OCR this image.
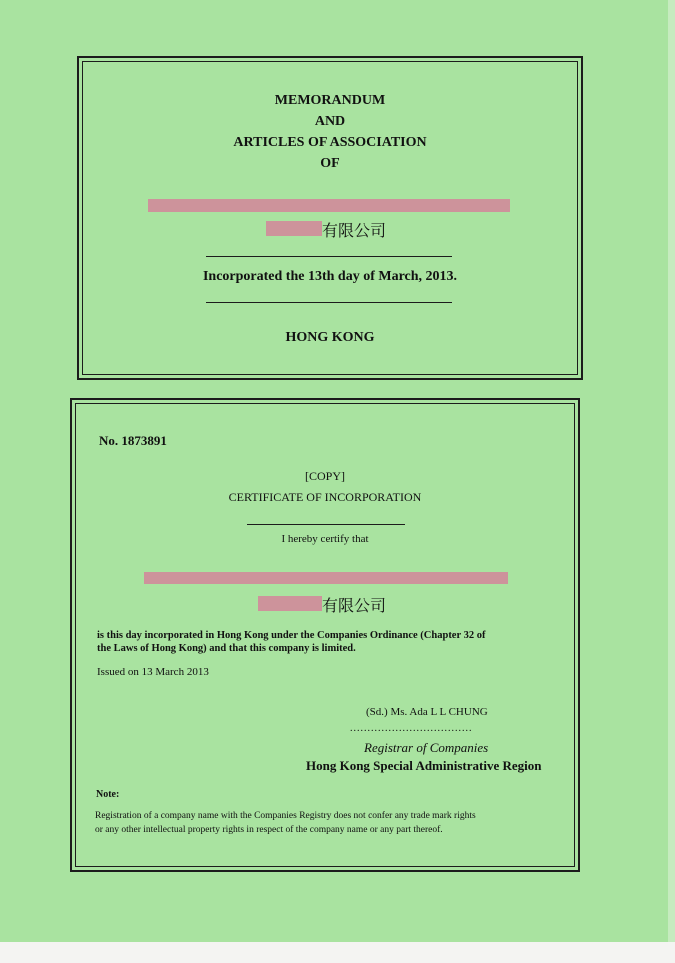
MEMORANDUM
AND
ARTICLES OF ASSOCIATION
OF
有限公司
Incorporated the 13th day of March, 2013.
HONG KONG
No. 1873891
[COPY]
CERTIFICATE OF INCORPORATION
I hereby certify that
有限公司
is this day incorporated in Hong Kong under the Companies Ordinance (Chapter 32 of
the Laws of Hong Kong) and that this company is limited.
Issued on 13 March 2013
(Sd.) Ms. Ada L L CHUNG
...................................
Registrar of Companies
Hong Kong Special Administrative Region
Note:
Registration of a company name with the Companies Registry does not confer any trade mark rights
or any other intellectual property rights in respect of the company name or any part thereof.
